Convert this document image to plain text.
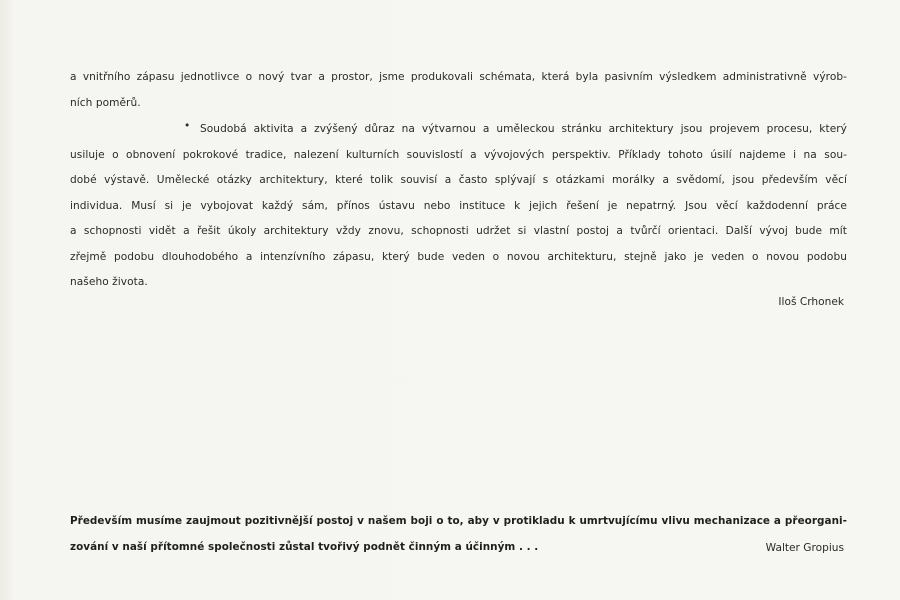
a vnitřního zápasu jednotlivce o nový tvar a prostor, jsme produkovali schémata, která byla pasivním výsledkem administrativně výrob-
ních poměrů.
• Soudobá aktivita a zvýšený důraz na výtvarnou a uměleckou stránku architektury jsou projevem procesu, který
usiluje o obnovení pokrokové tradice, nalezení kulturních souvislostí a vývojových perspektiv. Příklady tohoto úsilí najdeme i na sou-
dobé výstavě. Umělecké otázky architektury, které tolik souvisí a často splývají s otázkami morálky a svědomí, jsou především věcí
individua. Musí si je vybojovat každý sám, přínos ústavu nebo instituce k jejich řešení je nepatrný. Jsou věcí každodenní práce
a schopnosti vidět a řešit úkoly architektury vždy znovu, schopnosti udržet si vlastní postoj a tvůrčí orientaci. Další vývoj bude mít
zřejmě podobu dlouhodobého a intenzívního zápasu, který bude veden o novou architekturu, stejně jako je veden o novou podobu
našeho života.
Iloš Crhonek
Především musíme zaujmout pozitivnější postoj v našem boji o to, aby v protikladu k umrtvujícímu vlivu mechanizace a přeorgani-
zování v naší přítomné společnosti zůstal tvořivý podnět činným a účinným . . .	Walter Gropius
